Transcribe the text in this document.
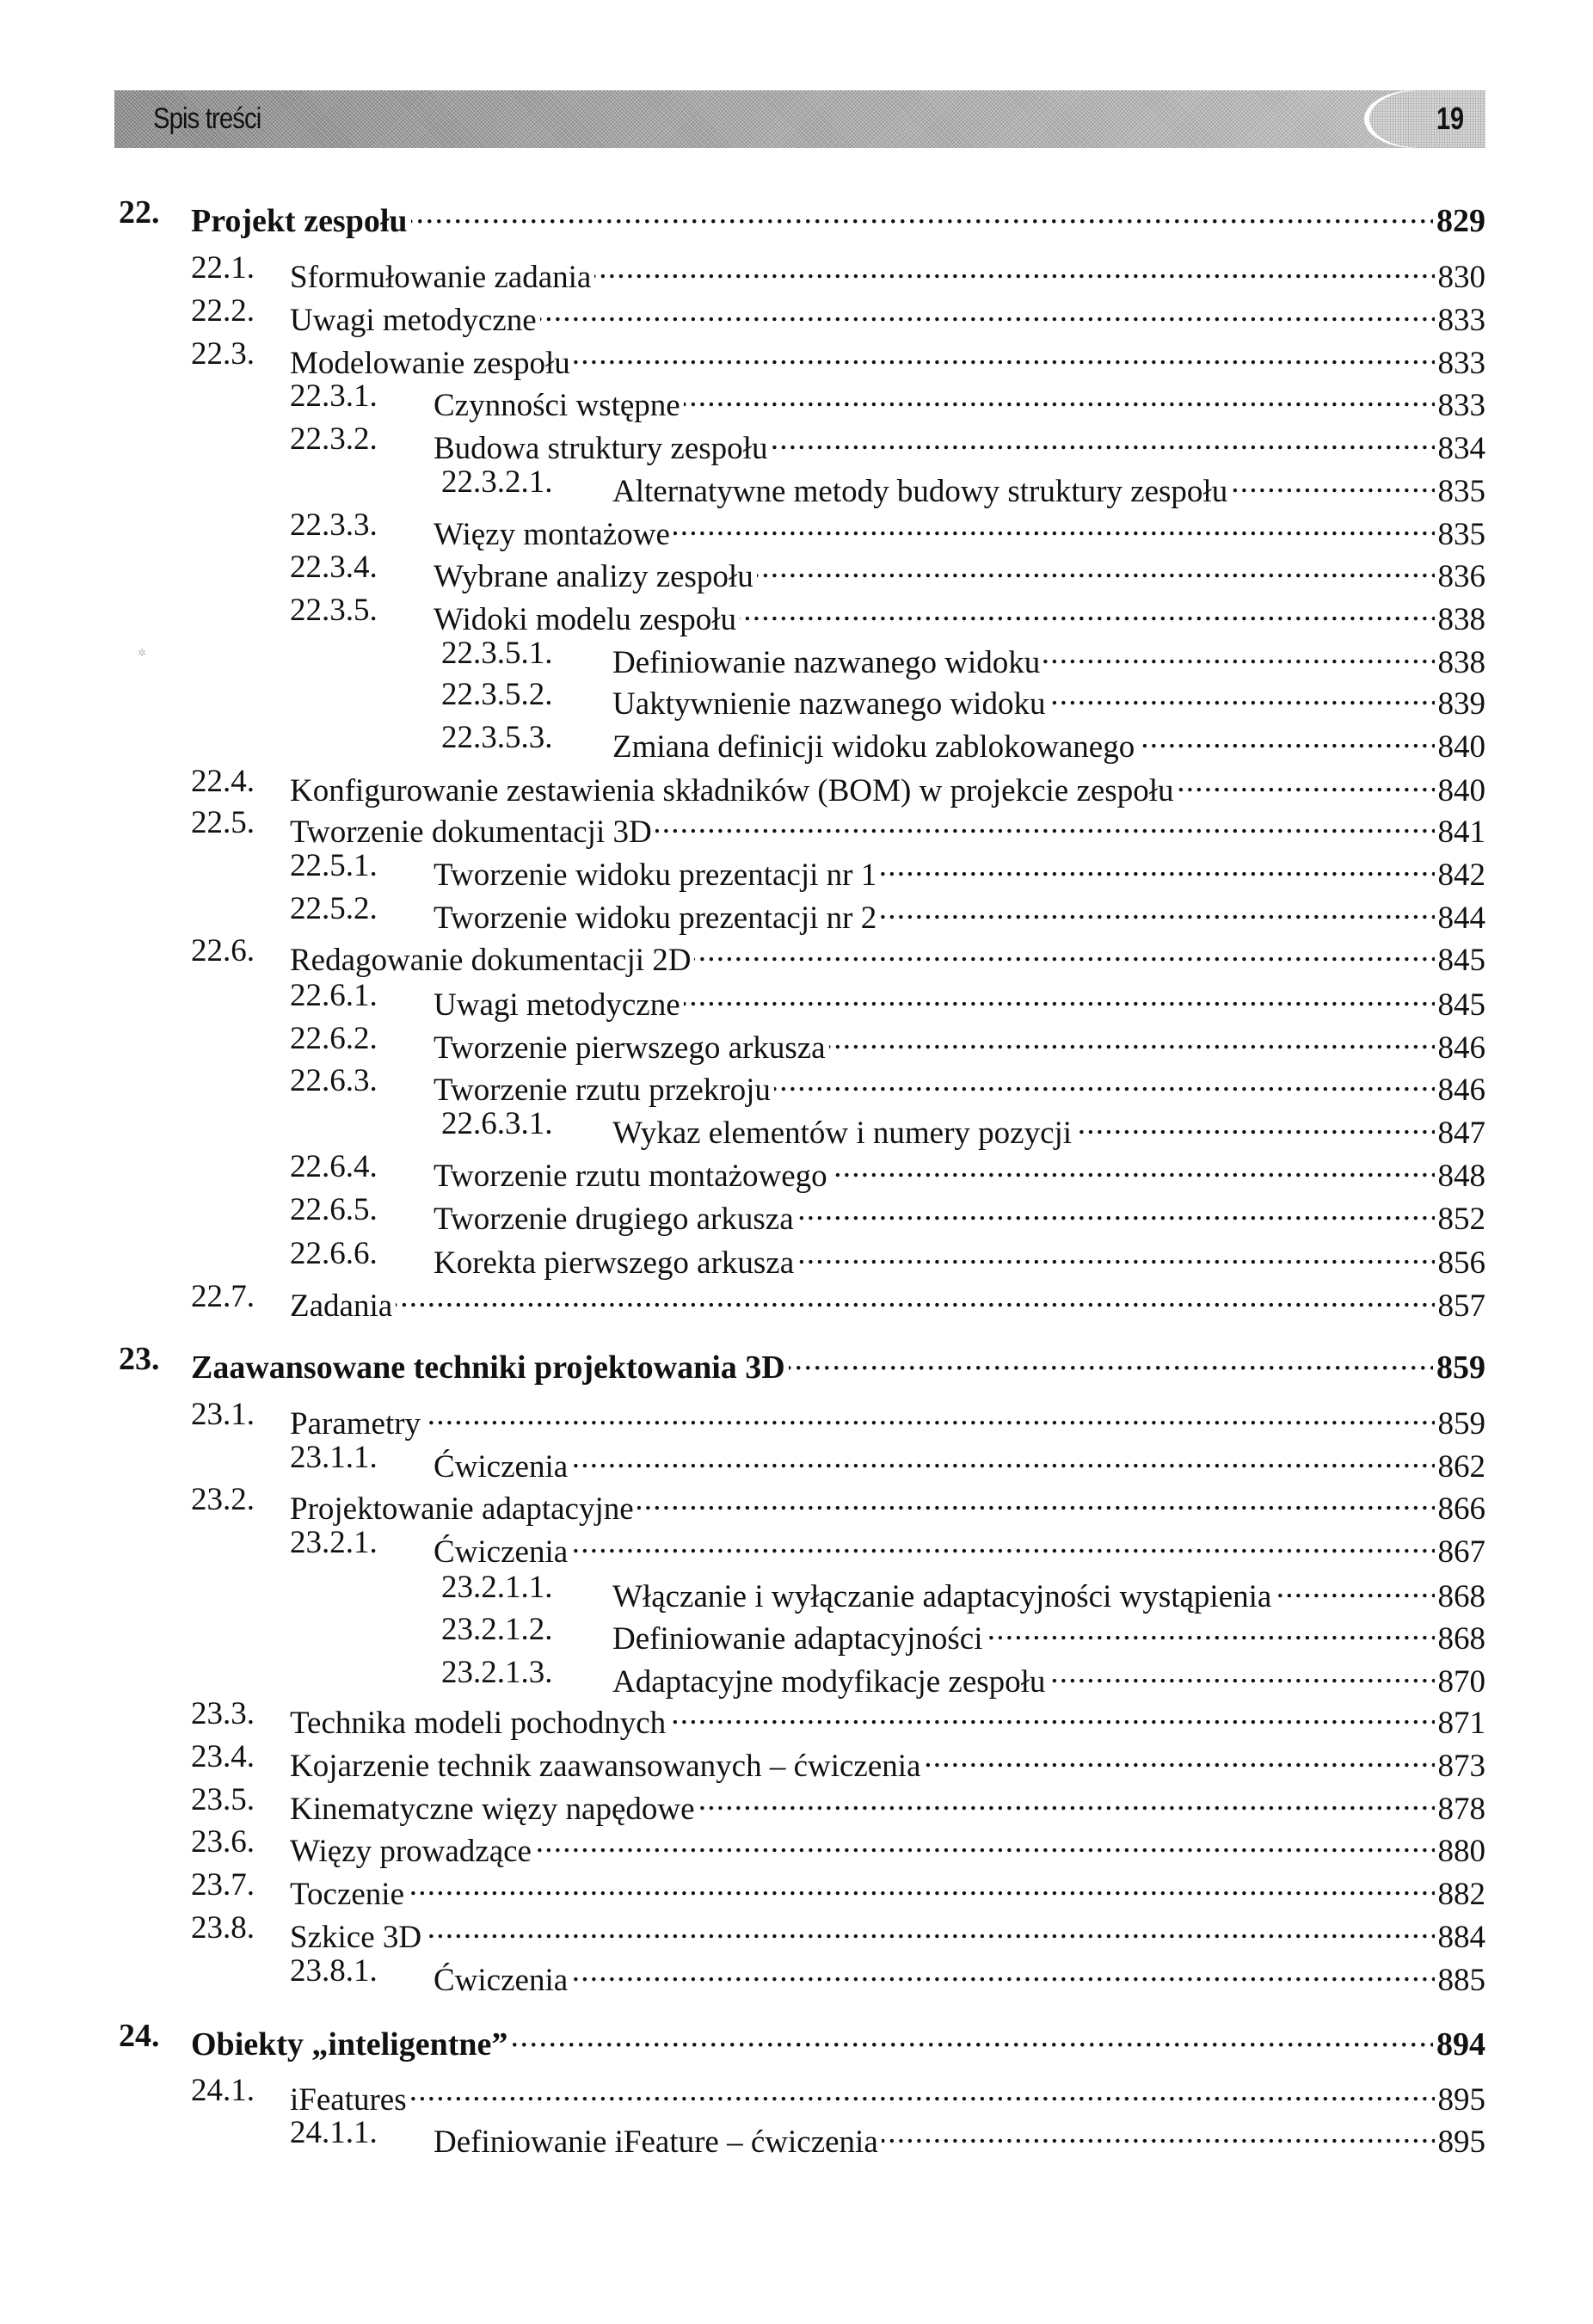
Spis treści	19
✲
22. Projekt zespołu . . .	829
22.1. Sformułowanie zadania . . .	830
22.2. Uwagi metodyczne . . .	833
22.3. Modelowanie zespołu . . .	833
22.3.1. Czynności wstępne . . .	833
22.3.2. Budowa struktury zespołu . . .	834
22.3.2.1. Alternatywne metody budowy struktury zespołu . . .	835
22.3.3. Więzy montażowe . . .	835
22.3.4. Wybrane analizy zespołu . . .	836
22.3.5. Widoki modelu zespołu . . .	838
22.3.5.1. Definiowanie nazwanego widoku . . .	838
22.3.5.2. Uaktywnienie nazwanego widoku . . .	839
22.3.5.3. Zmiana definicji widoku zablokowanego . . .	840
22.4. Konfigurowanie zestawienia składników (BOM) w projekcie zespołu . . .	840
22.5. Tworzenie dokumentacji 3D . . .	841
22.5.1. Tworzenie widoku prezentacji nr 1 . . .	842
22.5.2. Tworzenie widoku prezentacji nr 2 . . .	844
22.6. Redagowanie dokumentacji 2D . . .	845
22.6.1. Uwagi metodyczne . . .	845
22.6.2. Tworzenie pierwszego arkusza . . .	846
22.6.3. Tworzenie rzutu przekroju . . .	846
22.6.3.1. Wykaz elementów i numery pozycji . . .	847
22.6.4. Tworzenie rzutu montażowego . . .	848
22.6.5. Tworzenie drugiego arkusza . . .	852
22.6.6. Korekta pierwszego arkusza . . .	856
22.7. Zadania . . .	857
23. Zaawansowane techniki projektowania 3D . . .	859
23.1. Parametry . . .	859
23.1.1. Ćwiczenia . . .	862
23.2. Projektowanie adaptacyjne . . .	866
23.2.1. Ćwiczenia . . .	867
23.2.1.1. Włączanie i wyłączanie adaptacyjności wystąpienia . . .	868
23.2.1.2. Definiowanie adaptacyjności . . .	868
23.2.1.3. Adaptacyjne modyfikacje zespołu . . .	870
23.3. Technika modeli pochodnych . . .	871
23.4. Kojarzenie technik zaawansowanych – ćwiczenia . . .	873
23.5. Kinematyczne więzy napędowe . . .	878
23.6. Więzy prowadzące . . .	880
23.7. Toczenie . . .	882
23.8. Szkice 3D . . .	884
23.8.1. Ćwiczenia . . .	885
24. Obiekty „inteligentne” . . .	894
24.1. iFeatures . . .	895
24.1.1. Definiowanie iFeature – ćwiczenia . . .	895
